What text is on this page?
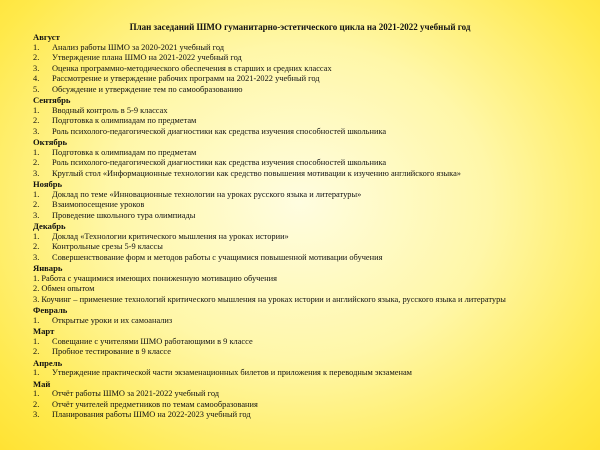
План заседаний ШМО гуманитарно-эстетического цикла на 2021-2022 учебный год
Август
1. Анализ работы ШМО за 2020-2021 учебный год
2. Утверждение плана ШМО на 2021-2022 учебный год
3. Оценка программно-методического обеспечения в старших и средних классах
4. Рассмотрение и утверждение рабочих программ на 2021-2022 учебный год
5. Обсуждение и утверждение тем по самообразованию
Сентябрь
1. Вводный контроль в 5-9 классах
2. Подготовка к олимпиадам по предметам
3. Роль психолого-педагогической диагностики как средства изучения способностей школьника
Октябрь
1. Подготовка к олимпиадам по предметам
2. Роль психолого-педагогической диагностики как средства изучения способностей школьника
3. Круглый стол «Информационные технологии как средство повышения мотивации к изучению английского языка»
Ноябрь
1. Доклад по теме «Инновационные технологии на уроках русского языка и литературы»
2. Взаимопосещение уроков
3. Проведение школьного тура олимпиады
Декабрь
1. Доклад «Технологии критического мышления на уроках истории»
2. Контрольные срезы 5-9 классы
3. Совершенствование форм и методов работы с учащимися повышенной мотивации обучения
Январь
1. Работа с учащимися имеющих пониженную мотивацию обучения
2. Обмен опытом
3. Коучинг – применение технологий критического мышления на уроках истории и английского языка, русского языка и литературы
Февраль
1. Открытые уроки и их самоанализ
Март
1. Совещание с учителями ШМО работающими в 9 классе
2. Пробное тестирование в 9 классе
Апрель
1. Утверждение практической части экзаменационных билетов и приложения к переводным экзаменам
Май
1. Отчёт работы ШМО за 2021-2022 учебный год
2. Отчёт учителей предметников по темам самообразования
3. Планирования работы ШМО на 2022-2023 учебный год
